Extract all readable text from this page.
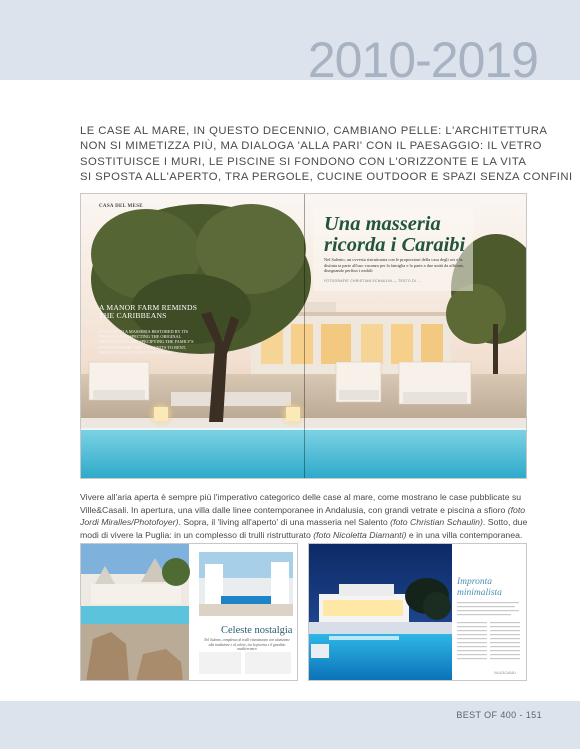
2010-2019
LE CASE AL MARE, IN QUESTO DECENNIO, CAMBIANO PELLE: L'ARCHITETTURA
NON SI MIMETIZZA PIÙ, MA DIALOGA 'ALLA PARI' CON IL PAESAGGIO: IL VETRO
SOSTITUISCE I MURI, LE PISCINE SI FONDONO CON L'ORIZZONTE E LA VITA
SI SPOSTA ALL'APERTO, TRA PERGOLE, CUCINE OUTDOOR E SPAZI SENZA CONFINI
CASA DEL MESE
Una masseria
ricorda i Caraibi
Nel Salento, un ovvesta ristrutturata con le proporzioni della casa degli avi e la distinta ta parte all'uso vacanza per la famiglia e la parte a due unità da affittare, disegnando perfino i mobili
FOTOGRAFIE CHRISTIAN SCHAULIN — TESTO DI ...
A MANOR FARM REMINDS
THE CARIBBEANS
IN SALENTO A MASSERIA RESTORED BY ITS GRANDSON RESPECTING THE ORIGINAL PROPORTIONS AND SPECIFYING THE FAMILY'S HOLIDAY HOME AND TWO UNITS TO RENT, PROJECTING EVEN THE FURNITURE
Vivere all'aria aperta è sempre più l'imperativo categorico delle case al mare, come mostrano le case pubblicate su
Ville&Casali. In apertura, una villa dalle linee contemporanee in Andalusia, con grandi vetrate e piscina a sfioro (foto
Jordi Miralles/Photofoyer). Sopra, il 'living all'aperto' di una masseria nel Salento (foto Christian Schaulin). Sotto, due
modi di vivere la Puglia: in un complesso di trulli ristrutturato (foto Nicoletta Diamanti) e in una villa contemporanea.
Celeste nostalgia
Nel Salento, complesso di trulli ristrutturato con attenzione alla tradizione e al colore, tra la piscina e il giardino mediterraneo
Impronta
minimalista
VILLE&CASALI
BEST OF 400 - 151
